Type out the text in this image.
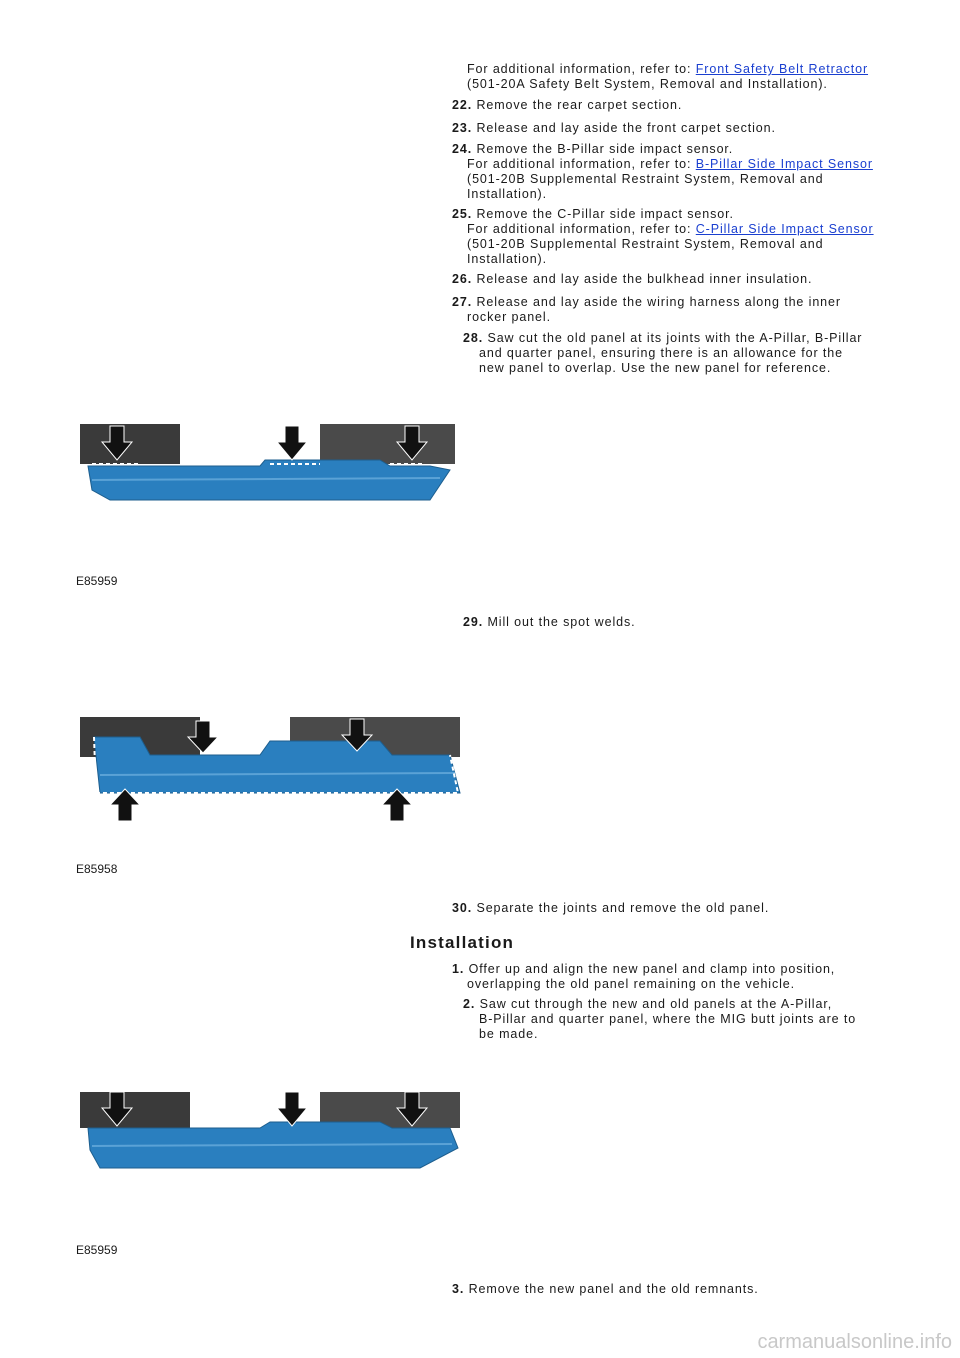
For additional information, refer to: Front Safety Belt Retractor
(501-20A Safety Belt System, Removal and Installation).
22. Remove the rear carpet section.
23. Release and lay aside the front carpet section.
24. Remove the B-Pillar side impact sensor.
For additional information, refer to: B-Pillar Side Impact Sensor
(501-20B Supplemental Restraint System, Removal and
Installation).
25. Remove the C-Pillar side impact sensor.
For additional information, refer to: C-Pillar Side Impact Sensor
(501-20B Supplemental Restraint System, Removal and
Installation).
26. Release and lay aside the bulkhead inner insulation.
27. Release and lay aside the wiring harness along the inner
rocker panel.
28. Saw cut the old panel at its joints with the A-Pillar, B-Pillar
and quarter panel, ensuring there is an allowance for the
new panel to overlap. Use the new panel for reference.
E85959
29. Mill out the spot welds.
E85958
30. Separate the joints and remove the old panel.
Installation
1. Offer up and align the new panel and clamp into position,
overlapping the old panel remaining on the vehicle.
2. Saw cut through the new and old panels at the A-Pillar,
B-Pillar and quarter panel, where the MIG butt joints are to
be made.
E85959
3. Remove the new panel and the old remnants.
carmanualsonline.info
